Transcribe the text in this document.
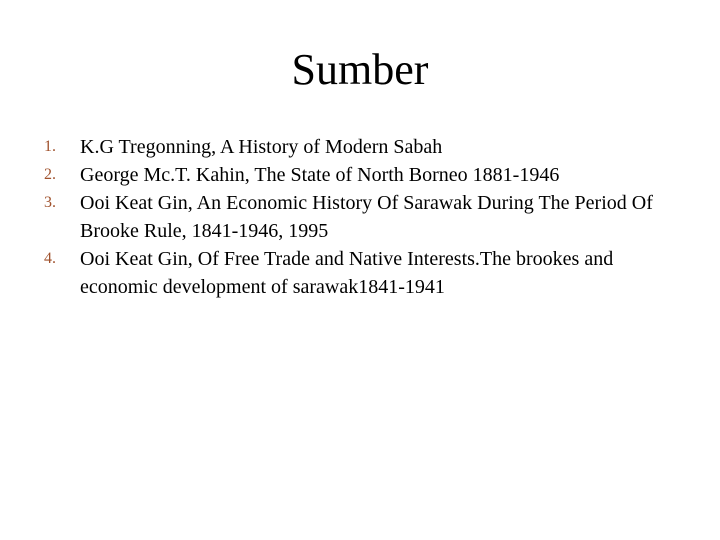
Sumber
1.	K.G Tregonning, A History of Modern Sabah
2.	George Mc.T. Kahin, The State of North Borneo 1881-1946
3.	Ooi Keat Gin, An Economic History Of Sarawak During The Period Of Brooke Rule, 1841-1946, 1995
4.	Ooi Keat Gin, Of Free Trade and Native Interests.The brookes and economic development of sarawak1841-1941
